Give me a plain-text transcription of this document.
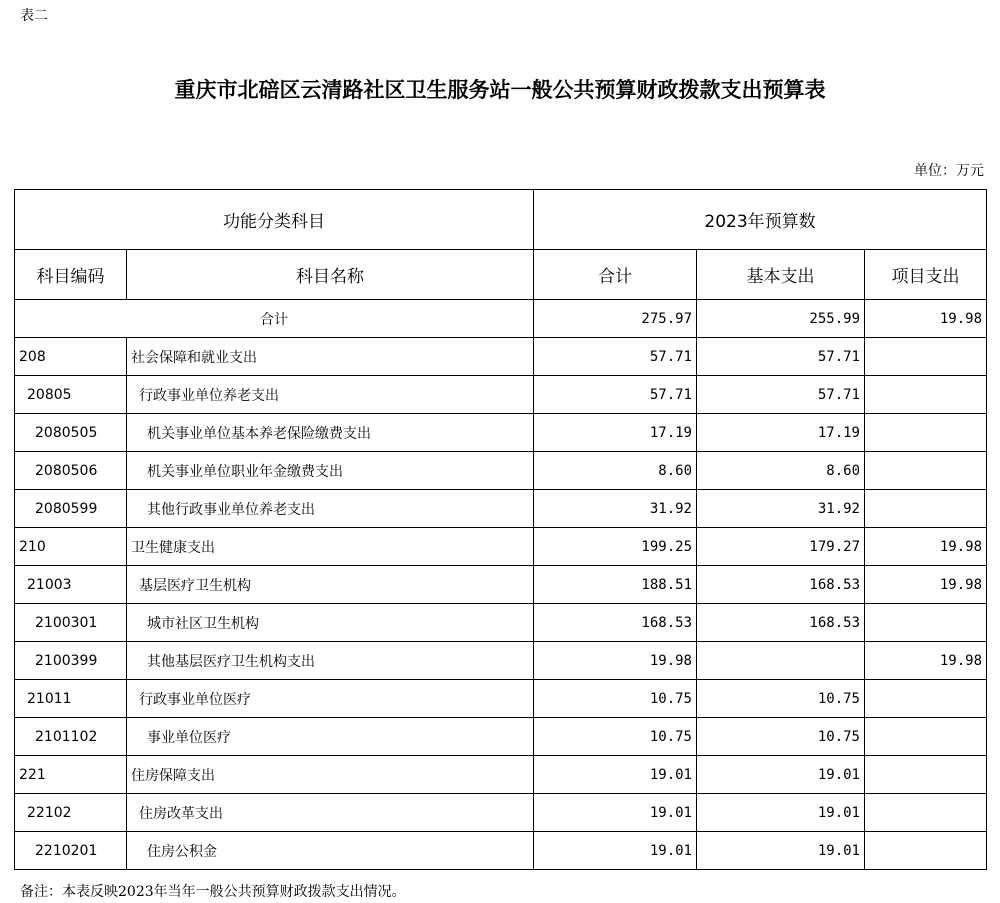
表二
重庆市北碚区云清路社区卫生服务站一般公共预算财政拨款支出预算表
单位：万元
功能分类科目		2023年预算数		
科目编码	科目名称	合计	基本支出	项目支出
合计		275.97	255.99	19.98
208	社会保障和就业支出	57.71	57.71	
20805	行政事业单位养老支出	57.71	57.71	
2080505	机关事业单位基本养老保险缴费支出	17.19	17.19	
2080506	机关事业单位职业年金缴费支出	8.60	8.60	
2080599	其他行政事业单位养老支出	31.92	31.92	
210	卫生健康支出	199.25	179.27	19.98
21003	基层医疗卫生机构	188.51	168.53	19.98
2100301	城市社区卫生机构	168.53	168.53	
2100399	其他基层医疗卫生机构支出	19.98		19.98
21011	行政事业单位医疗	10.75	10.75	
2101102	事业单位医疗	10.75	10.75	
221	住房保障支出	19.01	19.01	
22102	住房改革支出	19.01	19.01	
2210201	住房公积金	19.01	19.01	
备注：本表反映2023年当年一般公共预算财政拨款支出情况。
